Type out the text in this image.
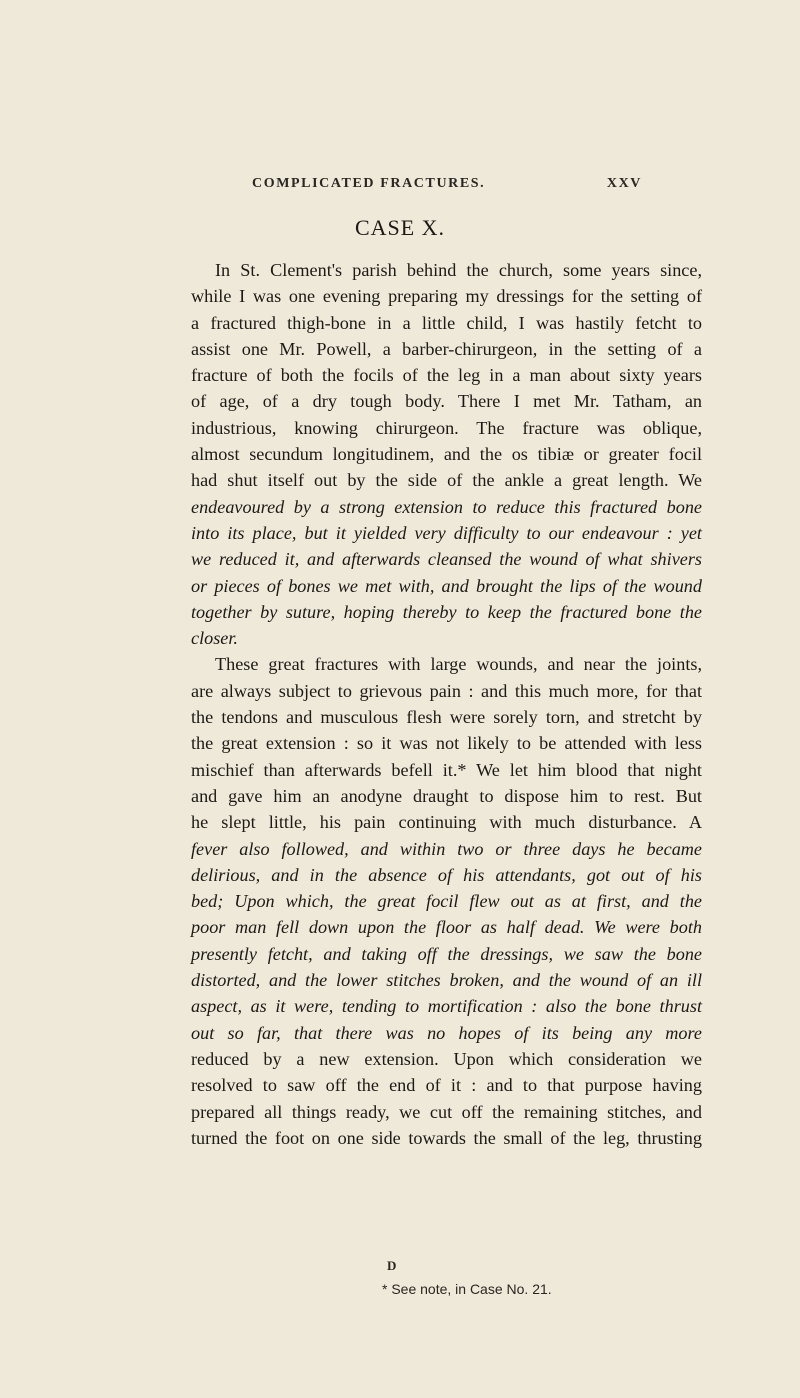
COMPLICATED FRACTURES.	XXV
CASE X.
In St. Clement's parish behind the church, some years since,
while I was one evening preparing my dressings for the setting of
a fractured thigh-bone in a little child, I was hastily fetcht to
assist one Mr. Powell, a barber-chirurgeon, in the setting of a
fracture of both the focils of the leg in a man about sixty years
of age, of a dry tough body. There I met Mr. Tatham, an
industrious, knowing chirurgeon. The fracture was oblique,
almost secundum longitudinem, and the os tibiæ or greater focil
had shut itself out by the side of the ankle a great length. We
endeavoured by a strong extension to reduce this fractured bone
into its place, but it yielded very difficulty to our endeavour : yet
we reduced it, and afterwards cleansed the wound of what shivers
or pieces of bones we met with, and brought the lips of the wound
together by suture, hoping thereby to keep the fractured bone the
closer.
These great fractures with large wounds, and near the joints,
are always subject to grievous pain : and this much more, for that
the tendons and musculous flesh were sorely torn, and stretcht by
the great extension : so it was not likely to be attended with less
mischief than afterwards befell it.* We let him blood that night
and gave him an anodyne draught to dispose him to rest. But
he slept little, his pain continuing with much disturbance. A
fever also followed, and within two or three days he became
delirious, and in the absence of his attendants, got out of his
bed; Upon which, the great focil flew out as at first, and the
poor man fell down upon the floor as half dead. We were both
presently fetcht, and taking off the dressings, we saw the bone
distorted, and the lower stitches broken, and the wound of an ill
aspect, as it were, tending to mortification : also the bone thrust
out so far, that there was no hopes of its being any more
reduced by a new extension. Upon which consideration we
resolved to saw off the end of it : and to that purpose having
prepared all things ready, we cut off the remaining stitches, and
turned the foot on one side towards the small of the leg, thrusting
D
* See note, in Case No. 21.
